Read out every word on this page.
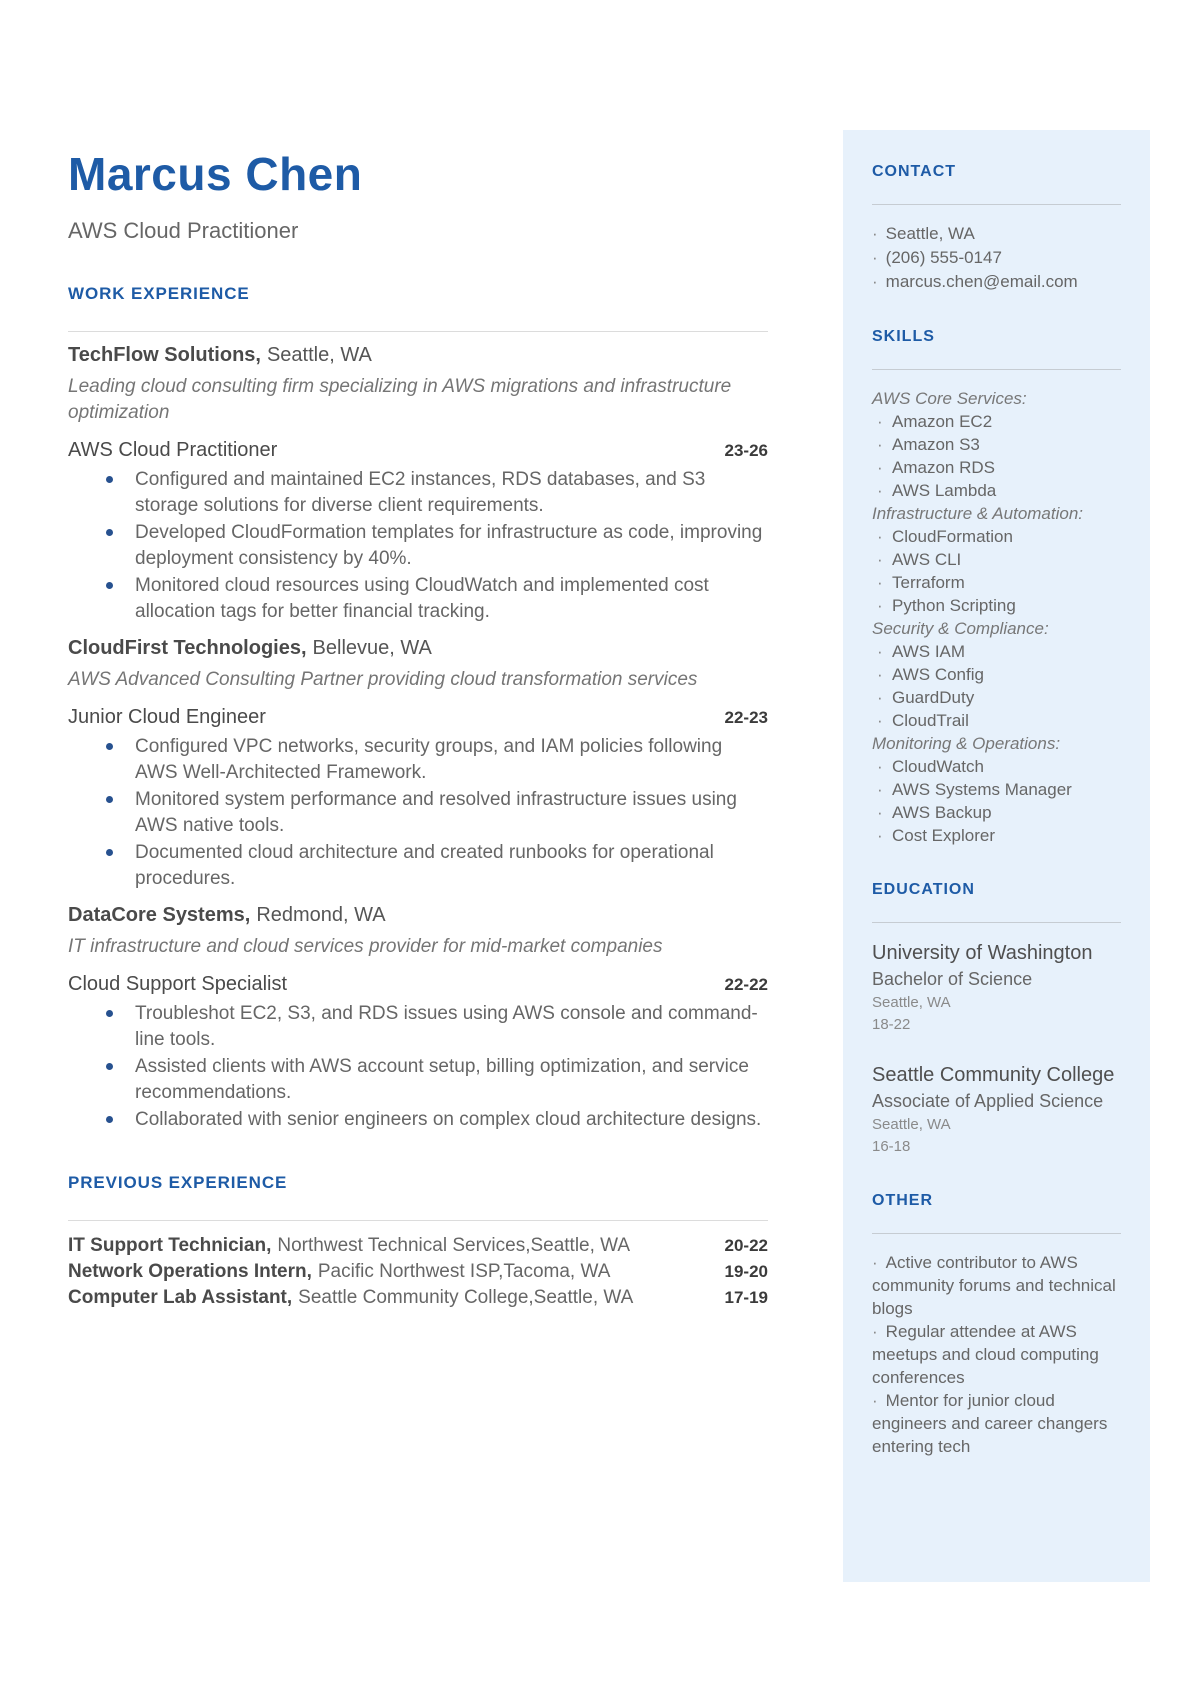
Marcus Chen
AWS Cloud Practitioner
WORK EXPERIENCE
TechFlow Solutions, Seattle, WA
Leading cloud consulting firm specializing in AWS migrations and infrastructure optimization
AWS Cloud Practitioner	23-26
Configured and maintained EC2 instances, RDS databases, and S3 storage solutions for diverse client requirements.
Developed CloudFormation templates for infrastructure as code, improving deployment consistency by 40%.
Monitored cloud resources using CloudWatch and implemented cost allocation tags for better financial tracking.
CloudFirst Technologies, Bellevue, WA
AWS Advanced Consulting Partner providing cloud transformation services
Junior Cloud Engineer	22-23
Configured VPC networks, security groups, and IAM policies following AWS Well-Architected Framework.
Monitored system performance and resolved infrastructure issues using AWS native tools.
Documented cloud architecture and created runbooks for operational procedures.
DataCore Systems, Redmond, WA
IT infrastructure and cloud services provider for mid-market companies
Cloud Support Specialist	22-22
Troubleshot EC2, S3, and RDS issues using AWS console and command-line tools.
Assisted clients with AWS account setup, billing optimization, and service recommendations.
Collaborated with senior engineers on complex cloud architecture designs.
PREVIOUS EXPERIENCE
IT Support Technician, Northwest Technical Services,Seattle, WA	20-22
Network Operations Intern, Pacific Northwest ISP,Tacoma, WA	19-20
Computer Lab Assistant, Seattle Community College,Seattle, WA	17-19
CONTACT
· Seattle, WA
· (206) 555-0147
· marcus.chen@email.com
SKILLS
AWS Core Services:
· Amazon EC2
· Amazon S3
· Amazon RDS
· AWS Lambda
Infrastructure & Automation:
· CloudFormation
· AWS CLI
· Terraform
· Python Scripting
Security & Compliance:
· AWS IAM
· AWS Config
· GuardDuty
· CloudTrail
Monitoring & Operations:
· CloudWatch
· AWS Systems Manager
· AWS Backup
· Cost Explorer
EDUCATION
University of Washington
Bachelor of Science
Seattle, WA
18-22
Seattle Community College
Associate of Applied Science
Seattle, WA
16-18
OTHER
· Active contributor to AWS community forums and technical blogs
· Regular attendee at AWS meetups and cloud computing conferences
· Mentor for junior cloud engineers and career changers entering tech
